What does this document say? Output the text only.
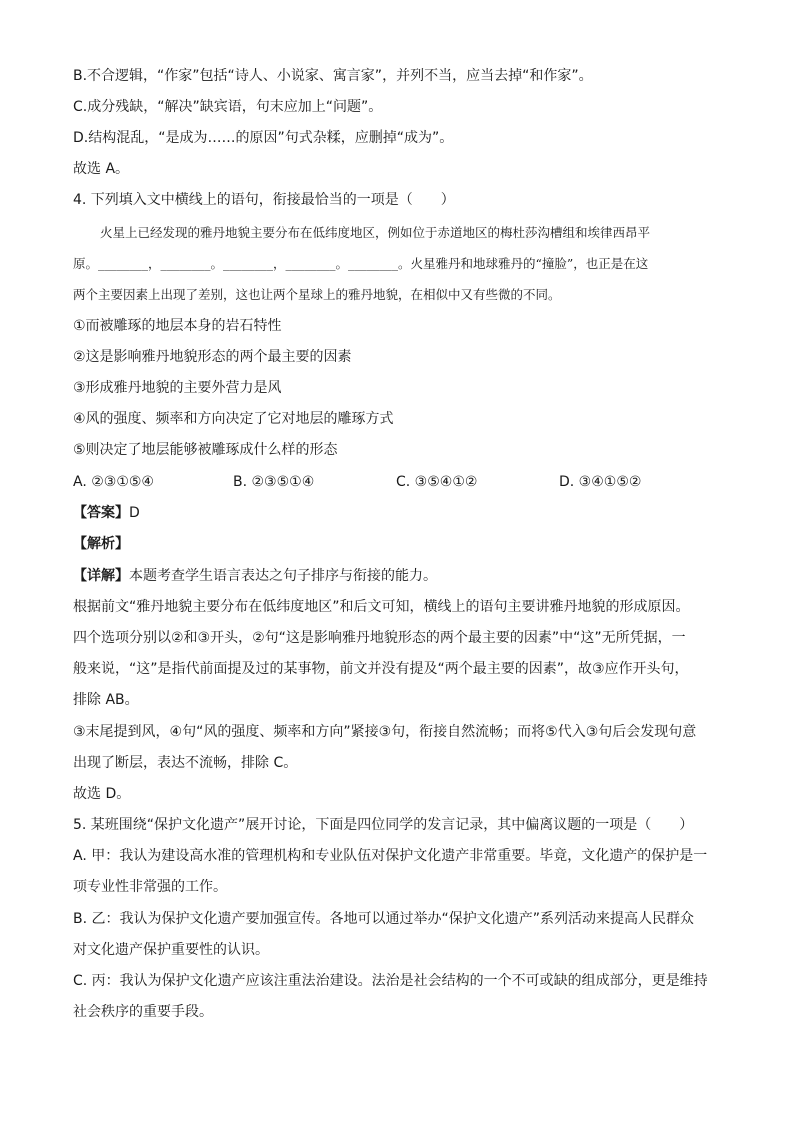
B.不合逻辑，“作家”包括“诗人、小说家、寓言家”，并列不当，应当去掉“和作家”。
C.成分残缺，“解决”缺宾语，句末应加上“问题”。
D.结构混乱，“是成为……的原因”句式杂糅，应删掉“成为”。
故选 A。
4. 下列填入文中横线上的语句，衔接最恰当的一项是（　　）
火星上已经发现的雅丹地貌主要分布在低纬度地区，例如位于赤道地区的梅杜莎沟槽组和埃律西昂平
原。________，________。________，________。________。火星雅丹和地球雅丹的“撞脸”，也正是在这
两个主要因素上出现了差别，这也让两个星球上的雅丹地貌，在相似中又有些微的不同。
①而被雕琢的地层本身的岩石特性
②这是影响雅丹地貌形态的两个最主要的因素
③形成雅丹地貌的主要外营力是风
④风的强度、频率和方向决定了它对地层的雕琢方式
⑤则决定了地层能够被雕琢成什么样的形态
A. ②③①⑤④	B. ②③⑤①④	C. ③⑤④①②	D. ③④①⑤②
【答案】D
【解析】
【详解】本题考查学生语言表达之句子排序与衔接的能力。
根据前文“雅丹地貌主要分布在低纬度地区”和后文可知，横线上的语句主要讲雅丹地貌的形成原因。
四个选项分别以②和③开头，②句“这是影响雅丹地貌形态的两个最主要的因素”中“这”无所凭据，一
般来说，“这”是指代前面提及过的某事物，前文并没有提及“两个最主要的因素”，故③应作开头句，
排除 AB。
③末尾提到风，④句“风的强度、频率和方向”紧接③句，衔接自然流畅；而将⑤代入③句后会发现句意
出现了断层，表达不流畅，排除 C。
故选 D。
5. 某班围绕“保护文化遗产”展开讨论，下面是四位同学的发言记录，其中偏离议题的一项是（　　）
A. 甲：我认为建设高水准的管理机构和专业队伍对保护文化遗产非常重要。毕竟，文化遗产的保护是一
项专业性非常强的工作。
B. 乙：我认为保护文化遗产要加强宣传。各地可以通过举办“保护文化遗产”系列活动来提高人民群众
对文化遗产保护重要性的认识。
C. 丙：我认为保护文化遗产应该注重法治建设。法治是社会结构的一个不可或缺的组成部分，更是维持
社会秩序的重要手段。
